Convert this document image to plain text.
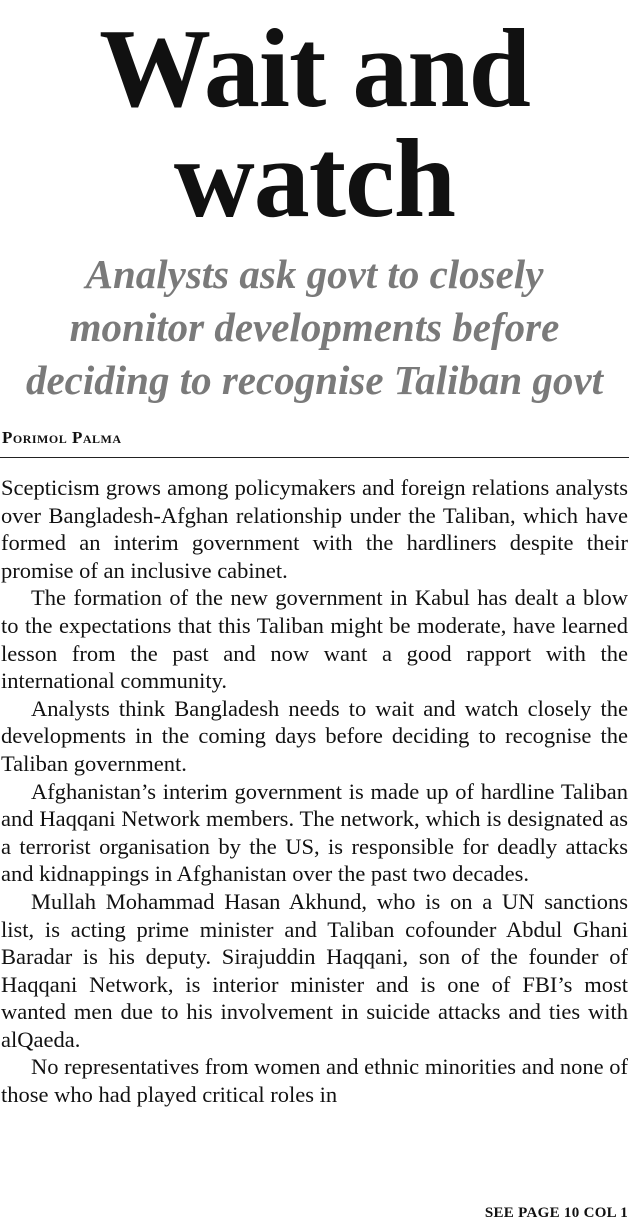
Wait and
watch
Analysts ask govt to closely
monitor developments before
deciding to recognise Taliban govt
Porimol Palma

Scepticism grows among policymakers and foreign relations analysts over Bangladesh-Afghan relationship under the Taliban, which have formed an interim government with the hardliners despite their promise of an inclusive cabinet.

The formation of the new government in Kabul has dealt a blow to the expectations that this Taliban might be moderate, have learned lesson from the past and now want a good rapport with the international community.

Analysts think Bangladesh needs to wait and watch closely the developments in the coming days before deciding to recognise the Taliban government.

Afghanistan’s interim government is made up of hardline Taliban and Haqqani Network members. The network, which is designated as a terrorist organisation by the US, is responsible for deadly attacks and kidnappings in Afghanistan over the past two decades.

Mullah Mohammad Hasan Akhund, who is on a UN sanctions list, is acting prime minister and Taliban cofounder Abdul Ghani Baradar is his deputy. Sirajuddin Haqqani, son of the founder of Haqqani Network, is interior minister and is one of FBI’s most wanted men due to his involvement in suicide attacks and ties with alQaeda.

No representatives from women and ethnic minorities and none of those who had played critical roles in

SEE PAGE 10 COL 1
